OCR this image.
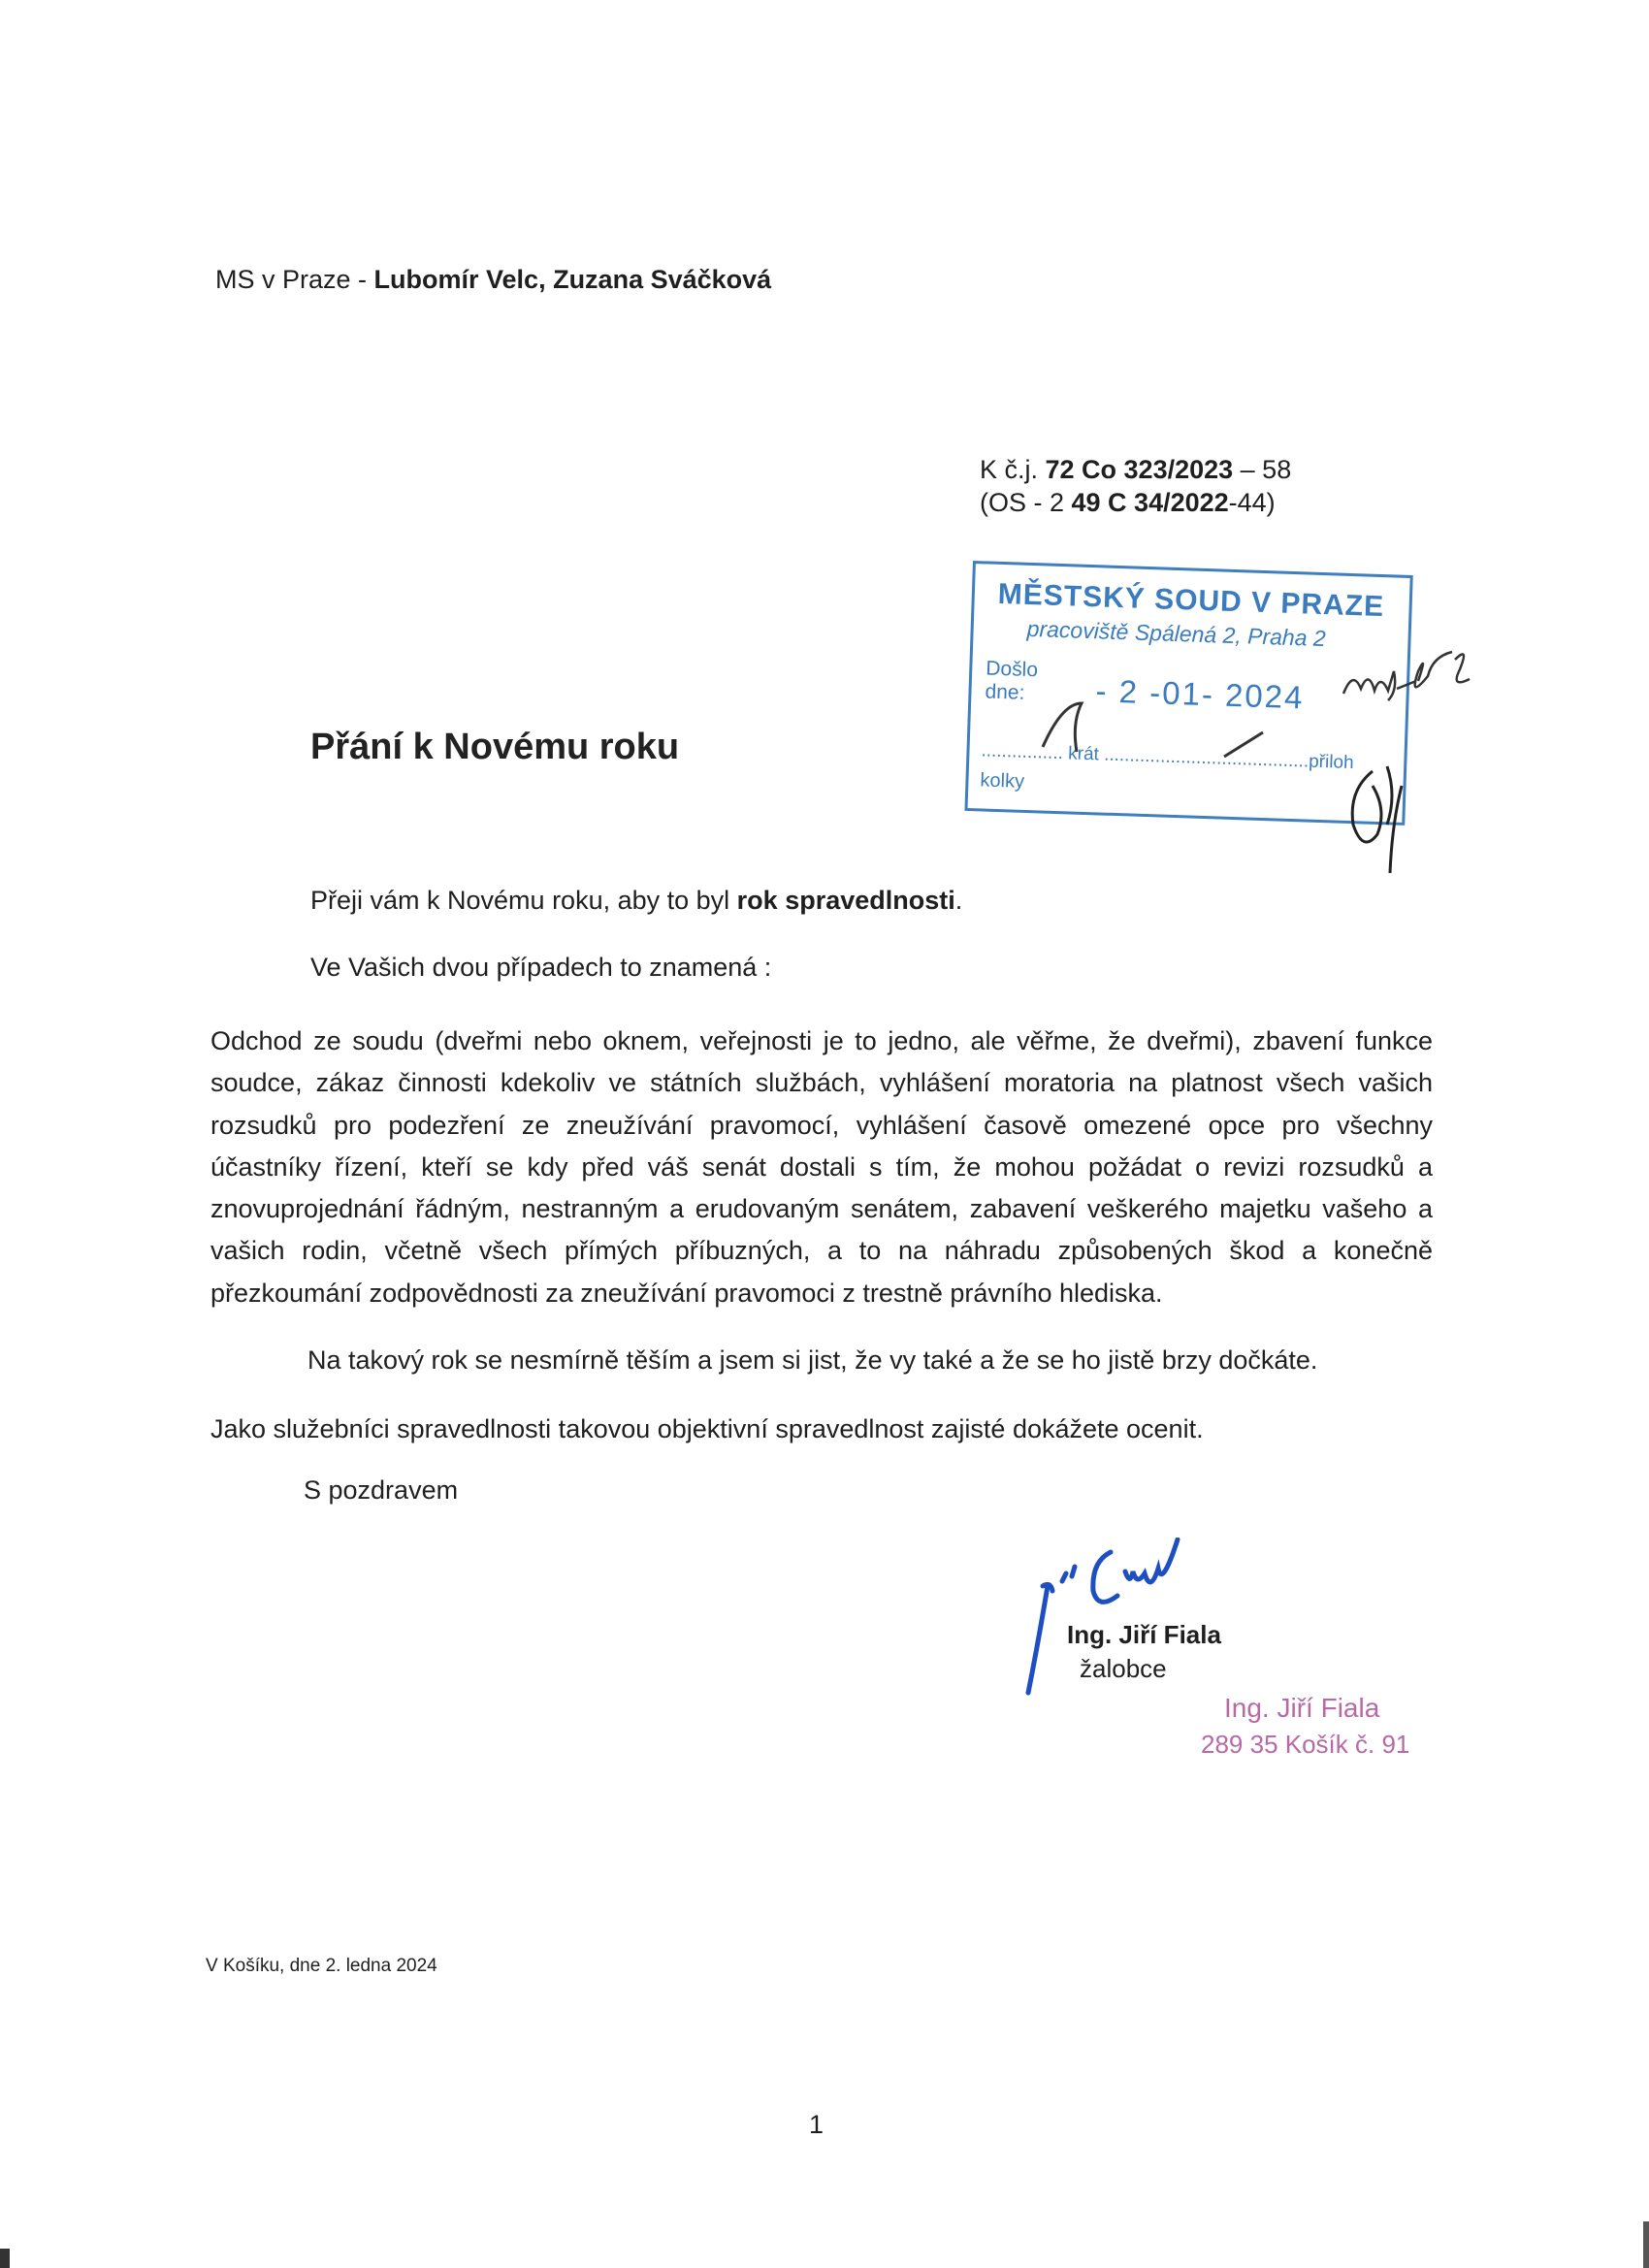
MS v Praze - Lubomír Velc, Zuzana Sváčková
K č.j. 72 Co 323/2023 – 58
(OS - 2 49 C 34/2022-44)
MĚSTSKÝ SOUD V PRAZE
pracoviště Spálená 2, Praha 2
Došlo
dne:	- 2 -01- 2024
................ krát ........................................přiloh
kolky
Přání k Novému roku
Přeji vám k Novému roku, aby to byl rok spravedlnosti.
Ve Vašich dvou případech to znamená :
Odchod ze soudu (dveřmi nebo oknem, veřejnosti je to jedno, ale věřme, že dveřmi), zbavení funkce soudce, zákaz činnosti kdekoliv ve státních službách, vyhlášení moratoria na platnost všech vašich rozsudků pro podezření ze zneužívání pravomocí, vyhlášení časově omezené opce pro všechny účastníky řízení, kteří se kdy před váš senát dostali s tím, že mohou požádat o revizi rozsudků a znovuprojednání řádným, nestranným a erudovaným senátem, zabavení veškerého majetku vašeho a vašich rodin, včetně všech přímých příbuzných, a to na náhradu způsobených škod a konečně přezkoumání zodpovědnosti za zneužívání pravomoci z trestně právního hlediska.
Na takový rok se nesmírně těším a jsem si jist, že vy také a že se ho jistě brzy dočkáte.
Jako služebníci spravedlnosti takovou objektivní spravedlnost zajisté dokážete ocenit.
S pozdravem
Ing. Jiří Fiala
žalobce
Ing. Jiří Fiala
289 35 Košík č. 91
V Košíku, dne 2. ledna 2024
1
